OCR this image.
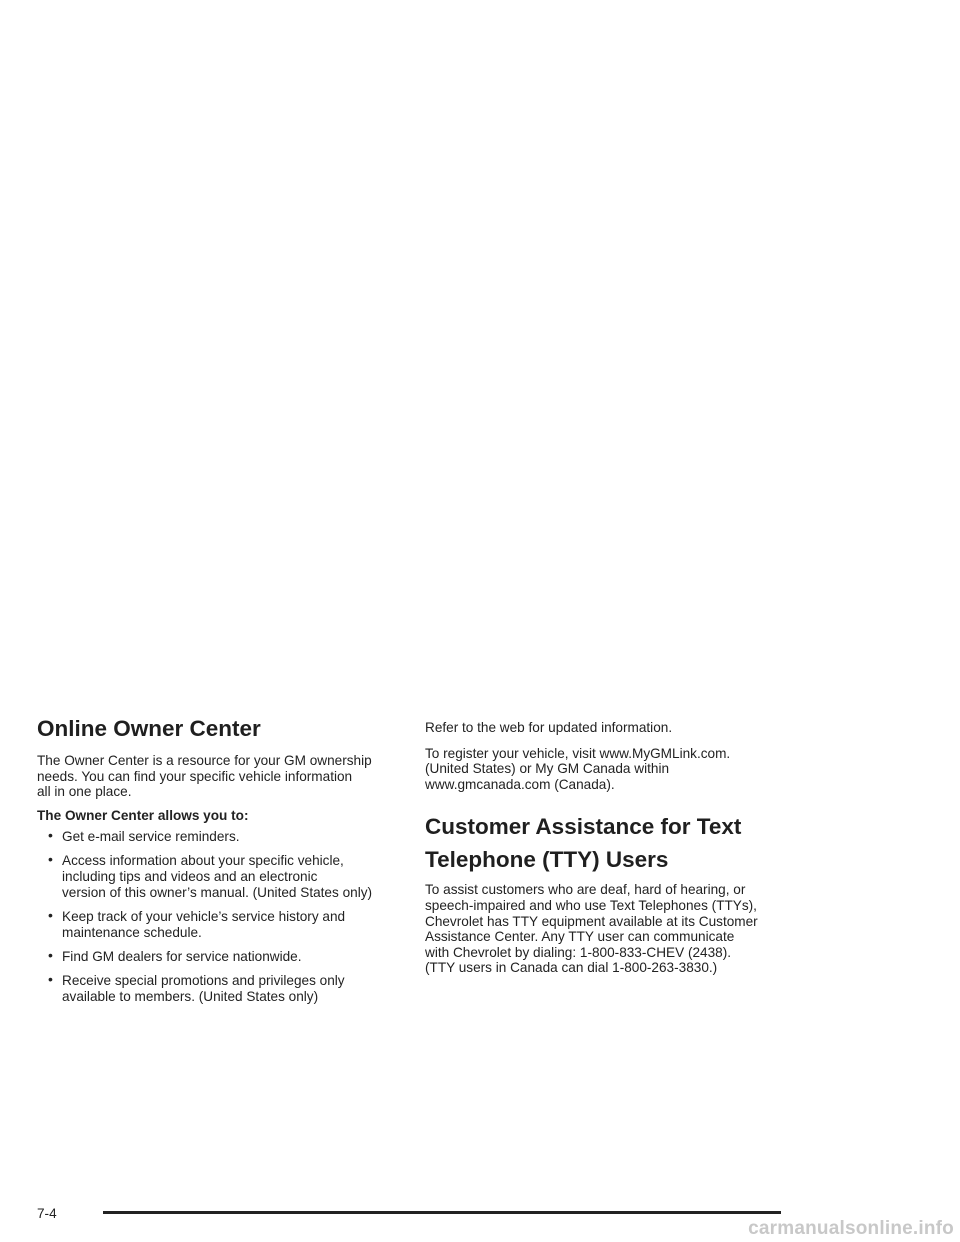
Online Owner Center

The Owner Center is a resource for your GM ownership
needs. You can find your specific vehicle information
all in one place.

The Owner Center allows you to:

• Get e-mail service reminders.
• Access information about your specific vehicle,
including tips and videos and an electronic
version of this owner’s manual. (United States only)
• Keep track of your vehicle’s service history and
maintenance schedule.
• Find GM dealers for service nationwide.
• Receive special promotions and privileges only
available to members. (United States only)

Refer to the web for updated information.

To register your vehicle, visit www.MyGMLink.com.
(United States) or My GM Canada within
www.gmcanada.com (Canada).

Customer Assistance for Text
Telephone (TTY) Users

To assist customers who are deaf, hard of hearing, or
speech-impaired and who use Text Telephones (TTYs),
Chevrolet has TTY equipment available at its Customer
Assistance Center. Any TTY user can communicate
with Chevrolet by dialing: 1-800-833-CHEV (2438).
(TTY users in Canada can dial 1-800-263-3830.)

7-4
carmanualsonline.info
